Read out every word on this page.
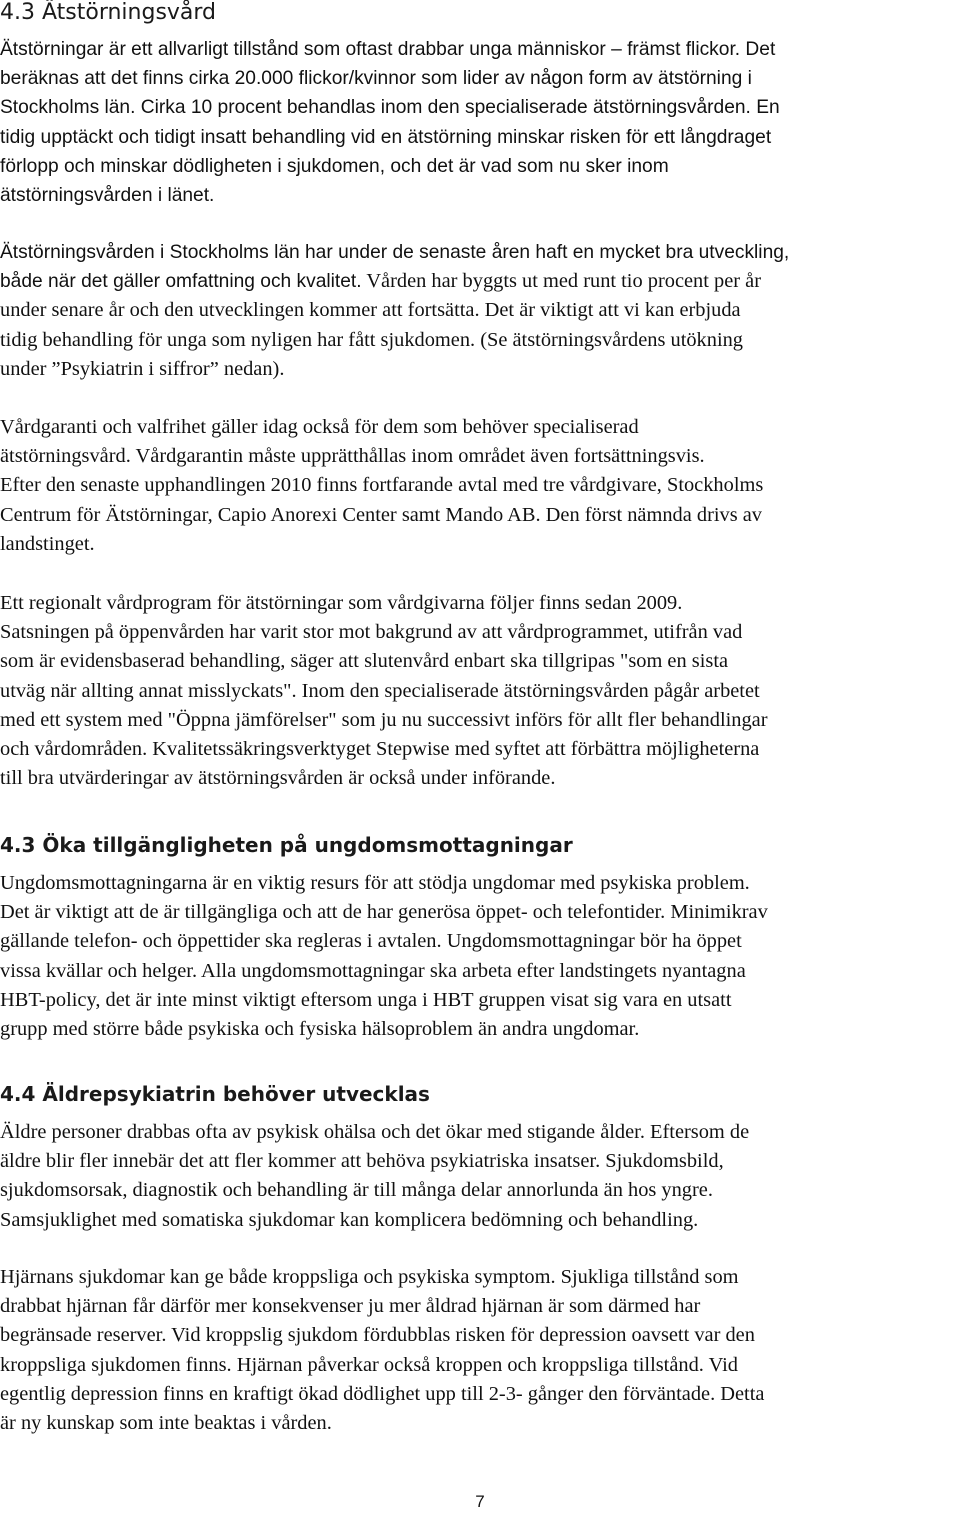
4.3 Ätstörningsvård

Ätstörningar är ett allvarligt tillstånd som oftast drabbar unga människor – främst flickor. Det
beräknas att det finns cirka 20.000 flickor/kvinnor som lider av någon form av ätstörning i
Stockholms län. Cirka 10 procent behandlas inom den specialiserade ätstörningsvården. En
tidig upptäckt och tidigt insatt behandling vid en ätstörning minskar risken för ett långdraget
förlopp och minskar dödligheten i sjukdomen, och det är vad som nu sker inom
ätstörningsvården i länet.

Ätstörningsvården i Stockholms län har under de senaste åren haft en mycket bra utveckling,
både när det gäller omfattning och kvalitet. Vården har byggts ut med runt tio procent per år
under senare år och den utvecklingen kommer att fortsätta. Det är viktigt att vi kan erbjuda
tidig behandling för unga som nyligen har fått sjukdomen. (Se ätstörningsvårdens utökning
under ”Psykiatrin i siffror” nedan).

Vårdgaranti och valfrihet gäller idag också för dem som behöver specialiserad
ätstörningsvård. Vårdgarantin måste upprätthållas inom området även fortsättningsvis.
Efter den senaste upphandlingen 2010 finns fortfarande avtal med tre vårdgivare, Stockholms
Centrum för Ätstörningar, Capio Anorexi Center samt Mando AB. Den först nämnda drivs av
landstinget.

Ett regionalt vårdprogram för ätstörningar som vårdgivarna följer finns sedan 2009.
Satsningen på öppenvården har varit stor mot bakgrund av att vårdprogrammet, utifrån vad
som är evidensbaserad behandling, säger att slutenvård enbart ska tillgripas "som en sista
utväg när allting annat misslyckats". Inom den specialiserade ätstörningsvården pågår arbetet
med ett system med "Öppna jämförelser" som ju nu successivt införs för allt fler behandlingar
och vårdområden. Kvalitetssäkringsverktyget Stepwise med syftet att förbättra möjligheterna
till bra utvärderingar av ätstörningsvården är också under införande.

4.3 Öka tillgängligheten på ungdomsmottagningar

Ungdomsmottagningarna är en viktig resurs för att stödja ungdomar med psykiska problem.
Det är viktigt att de är tillgängliga och att de har generösa öppet- och telefontider. Minimikrav
gällande telefon- och öppettider ska regleras i avtalen. Ungdomsmottagningar bör ha öppet
vissa kvällar och helger. Alla ungdomsmottagningar ska arbeta efter landstingets nyantagna
HBT-policy, det är inte minst viktigt eftersom unga i HBT gruppen visat sig vara en utsatt
grupp med större både psykiska och fysiska hälsoproblem än andra ungdomar.

4.4 Äldrepsykiatrin behöver utvecklas

Äldre personer drabbas ofta av psykisk ohälsa och det ökar med stigande ålder. Eftersom de
äldre blir fler innebär det att fler kommer att behöva psykiatriska insatser. Sjukdomsbild,
sjukdomsorsak, diagnostik och behandling är till många delar annorlunda än hos yngre.
Samsjuklighet med somatiska sjukdomar kan komplicera bedömning och behandling.

Hjärnans sjukdomar kan ge både kroppsliga och psykiska symptom. Sjukliga tillstånd som
drabbat hjärnan får därför mer konsekvenser ju mer åldrad hjärnan är som därmed har
begränsade reserver. Vid kroppslig sjukdom fördubblas risken för depression oavsett var den
kroppsliga sjukdomen finns. Hjärnan påverkar också kroppen och kroppsliga tillstånd. Vid
egentlig depression finns en kraftigt ökad dödlighet upp till 2-3- gånger den förväntade. Detta
är ny kunskap som inte beaktas i vården.

7
